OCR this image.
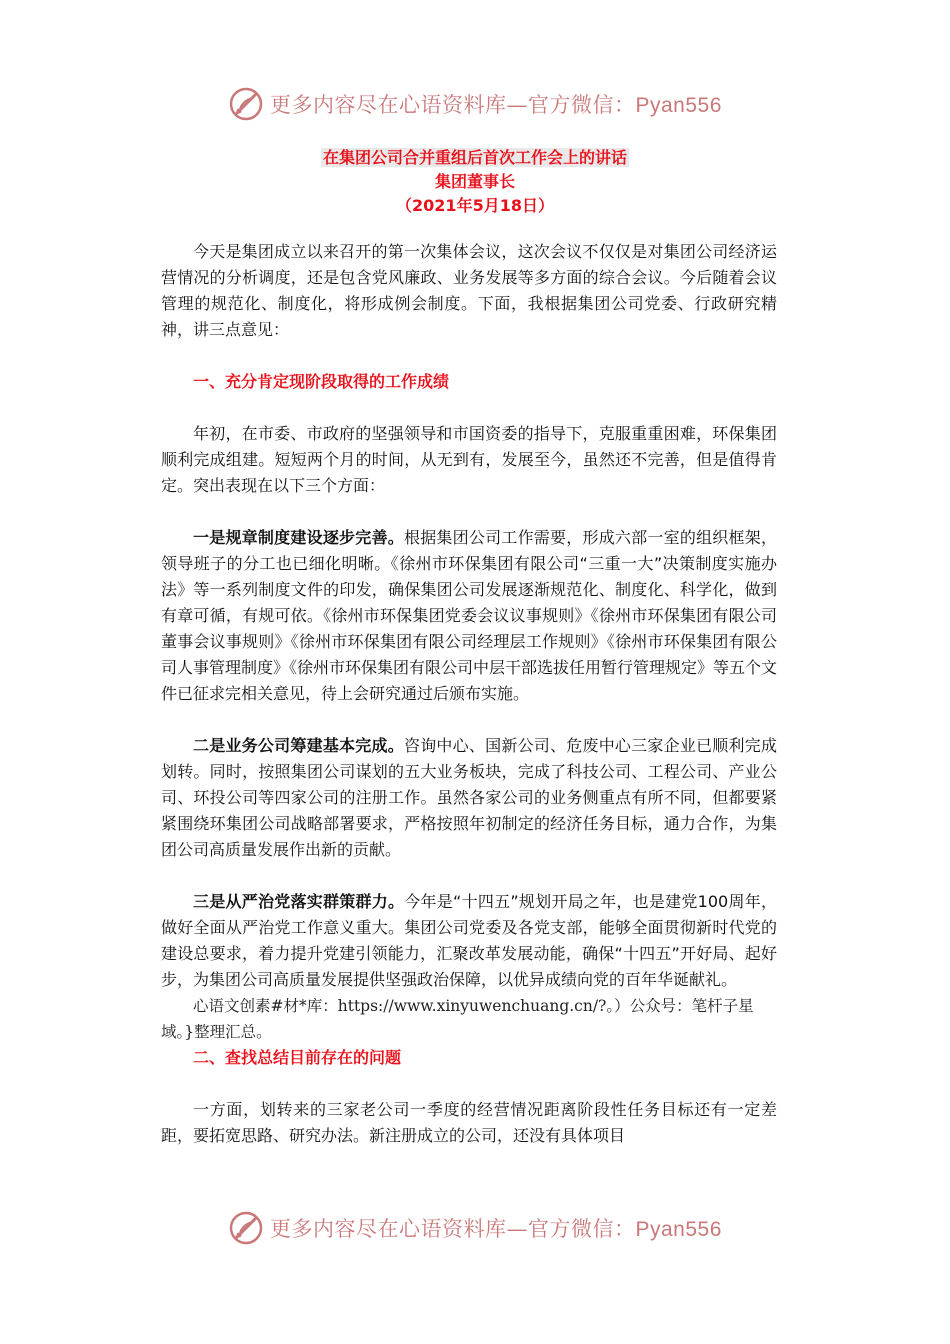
更多内容尽在心语资料库—官方微信：Pyan556
在集团公司合并重组后首次工作会上的讲话
集团董事长
（2021年5月18日）

今天是集团成立以来召开的第一次集体会议，这次会议不仅仅是对集团公司经济运营情况的分析调度，还是包含党风廉政、业务发展等多方面的综合会议。今后随着会议管理的规范化、制度化，将形成例会制度。下面，我根据集团公司党委、行政研究精神，讲三点意见：

一、充分肯定现阶段取得的工作成绩

年初，在市委、市政府的坚强领导和市国资委的指导下，克服重重困难，环保集团顺利完成组建。短短两个月的时间，从无到有，发展至今，虽然还不完善，但是值得肯定。突出表现在以下三个方面：

一是规章制度建设逐步完善。根据集团公司工作需要，形成六部一室的组织框架，领导班子的分工也已细化明晰。《徐州市环保集团有限公司“三重一大”决策制度实施办法》等一系列制度文件的印发，确保集团公司发展逐渐规范化、制度化、科学化，做到有章可循，有规可依。《徐州市环保集团党委会议议事规则》《徐州市环保集团有限公司董事会议事规则》《徐州市环保集团有限公司经理层工作规则》《徐州市环保集团有限公司人事管理制度》《徐州市环保集团有限公司中层干部选拔任用暂行管理规定》等五个文件已征求完相关意见，待上会研究通过后颁布实施。

二是业务公司筹建基本完成。咨询中心、国新公司、危废中心三家企业已顺利完成划转。同时，按照集团公司谋划的五大业务板块，完成了科技公司、工程公司、产业公司、环投公司等四家公司的注册工作。虽然各家公司的业务侧重点有所不同，但都要紧紧围绕环集团公司战略部署要求，严格按照年初制定的经济任务目标，通力合作，为集团公司高质量发展作出新的贡献。

三是从严治党落实群策群力。今年是“十四五”规划开局之年，也是建党100周年，做好全面从严治党工作意义重大。集团公司党委及各党支部，能够全面贯彻新时代党的建设总要求，着力提升党建引领能力，汇聚改革发展动能，确保“十四五”开好局、起好步，为集团公司高质量发展提供坚强政治保障，以优异成绩向党的百年华诞献礼。

心语文创素#材*库：https://www.xinyuwenchuang.cn/?。）公众号：笔杆子星域。}整理汇总。

二、查找总结目前存在的问题

一方面，划转来的三家老公司一季度的经营情况距离阶段性任务目标还有一定差距，要拓宽思路、研究办法。新注册成立的公司，还没有具体项目

更多内容尽在心语资料库—官方微信：Pyan556
